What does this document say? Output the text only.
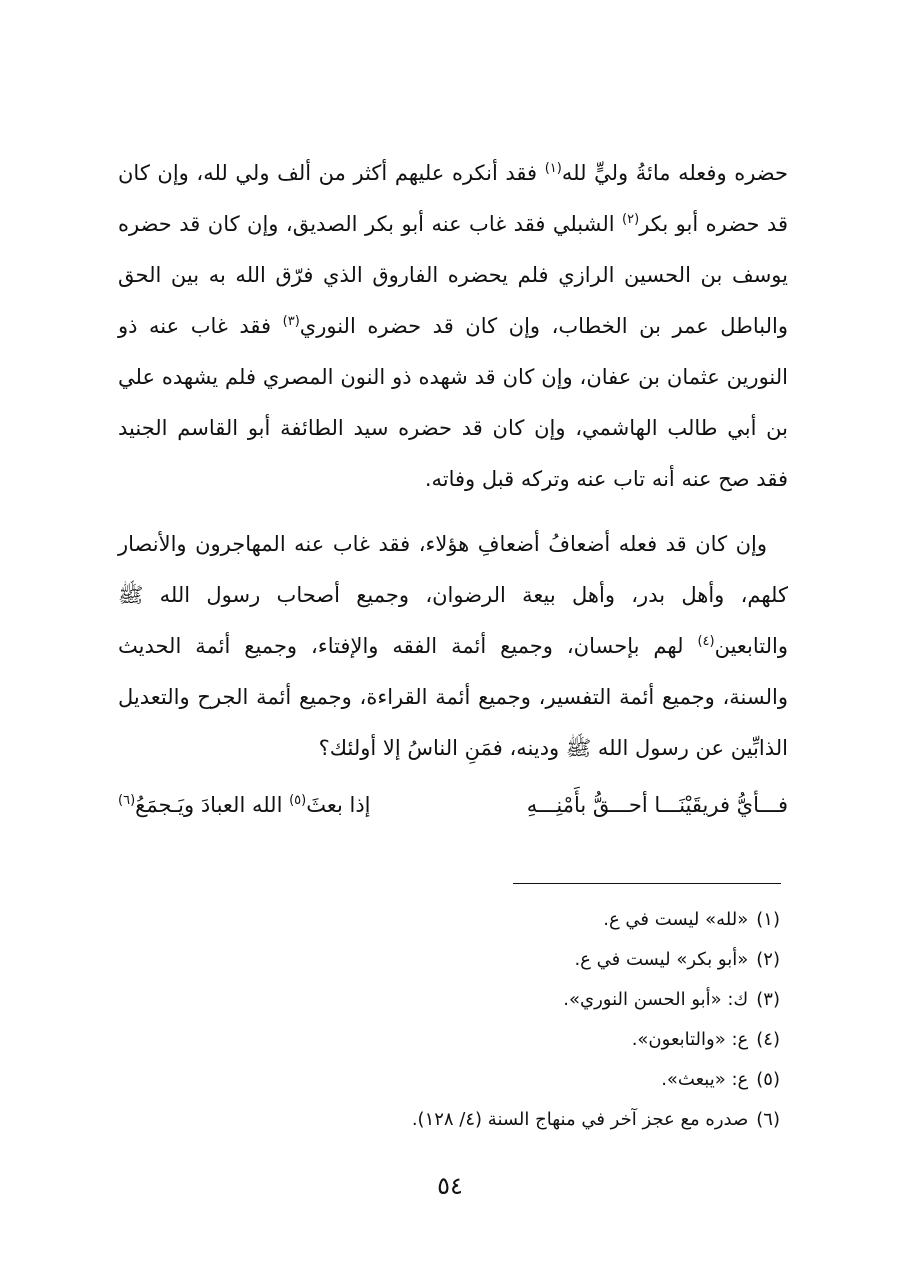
حضره وفعله مائةُ وليٍّ لله$^{(١)}$ فقد أنكره عليهم أكثر من ألف ولي لله، وإن كان قد حضره أبو بكر$^{(٢)}$ الشبلي فقد غاب عنه أبو بكر الصديق، وإن كان قد حضره يوسف بن الحسين الرازي فلم يحضره الفاروق الذي فرّق الله به بين الحق والباطل عمر بن الخطاب، وإن كان قد حضره النوري$^{(٣)}$ فقد غاب عنه ذو النورين عثمان بن عفان، وإن كان قد شهده ذو النون المصري فلم يشهده علي بن أبي طالب الهاشمي، وإن كان قد حضره سيد الطائفة أبو القاسم الجنيد فقد صح عنه أنه تاب عنه وتركه قبل وفاته.

 وإن كان قد فعله أضعافُ أضعافِ هؤلاء، فقد غاب عنه المهاجرون والأنصار كلهم، وأهل بدر، وأهل بيعة الرضوان، وجميع أصحاب رسول الله ﷺ والتابعين$^{(٤)}$ لهم بإحسان، وجميع أئمة الفقه والإفتاء، وجميع أئمة الحديث والسنة، وجميع أئمة التفسير، وجميع أئمة القراءة، وجميع أئمة الجرح والتعديل الذابِّين عن رسول الله ﷺ ودينه، فمَنِ الناسُ إلا أولئك؟

فـــأيُّ فريقَيْنَـــا أحـــقُّ بأَمْنِـــهِ
إذا بعثَ$^{(٥)}$ الله العبادَ ويَـجمَعُ$^{(٦)}$
(١)«لله» ليست في ع.
(٢)«أبو بكر» ليست في ع.
(٣)ك: «أبو الحسن النوري».
(٤)ع: «والتابعون».
(٥)ع: «يبعث».
(٦)صدره مع عجز آخر في منهاج السنة (٤/ ١٢٨).
٥٤
